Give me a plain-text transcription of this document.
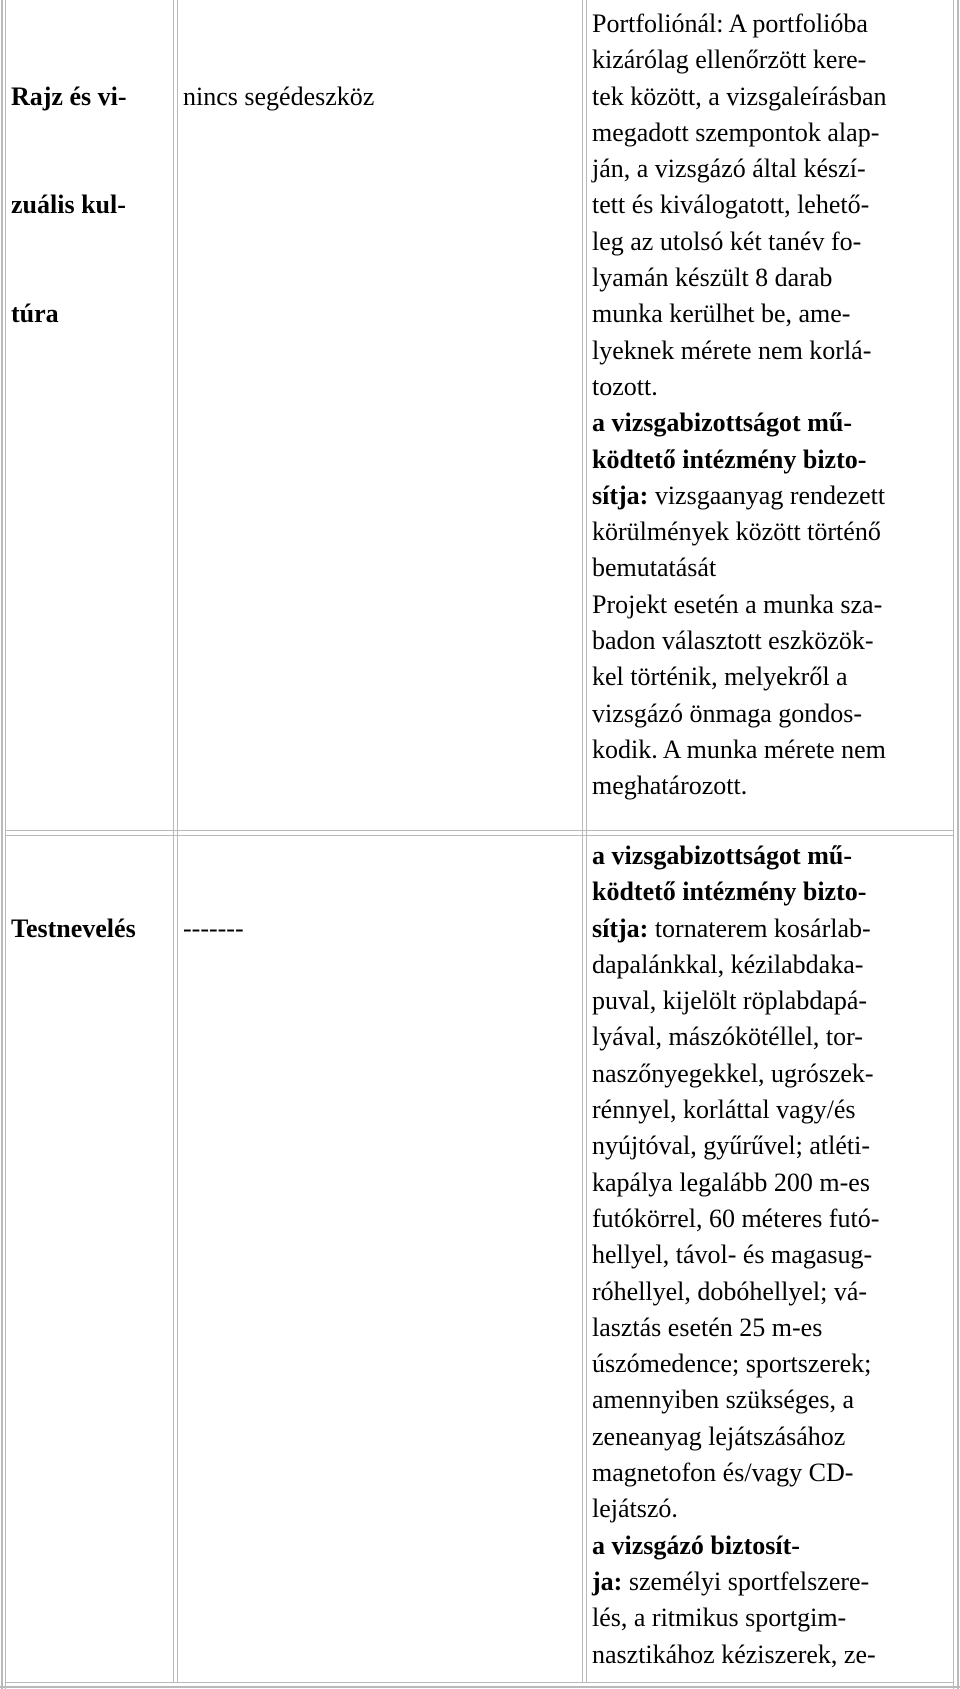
Rajz és vi-

zuális kul-

túra

nincs segédeszköz

Portfoliónál: A portfolióba
kizárólag ellenőrzött kere-
tek között, a vizsgaleírásban
megadott szempontok alap-
ján, a vizsgázó által készí-
tett és kiválogatott, lehető-
leg az utolsó két tanév fo-
lyamán készült 8 darab
munka kerülhet be, ame-
lyeknek mérete nem korlá-
tozott.
a vizsgabizottságot mű-
ködtető intézmény bizto-
sítja: vizsgaanyag rendezett
körülmények között történő
bemutatását
Projekt esetén a munka sza-
badon választott eszközök-
kel történik, melyekről a
vizsgázó önmaga gondos-
kodik. A munka mérete nem
meghatározott.

Testnevelés

-------

a vizsgabizottságot mű-
ködtető intézmény bizto-
sítja: tornaterem kosárlab-
dapalánkkal, kézilabdaka-
puval, kijelölt röplabdapá-
lyával, mászókötéllel, tor-
naszőnyegekkel, ugrószek-
rénnyel, korláttal vagy/és
nyújtóval, gyűrűvel; atléti-
kapálya legalább 200 m-es
futókörrel, 60 méteres futó-
hellyel, távol- és magasug-
róhellyel, dobóhellyel; vá-
lasztás esetén 25 m-es
úszómedence; sportszerek;
amennyiben szükséges, a
zeneanyag lejátszásához
magnetofon és/vagy CD-
lejátszó.
a vizsgázó biztosít-
ja: személyi sportfelszere-
lés, a ritmikus sportgim-
nasztikához kéziszerek, ze-
